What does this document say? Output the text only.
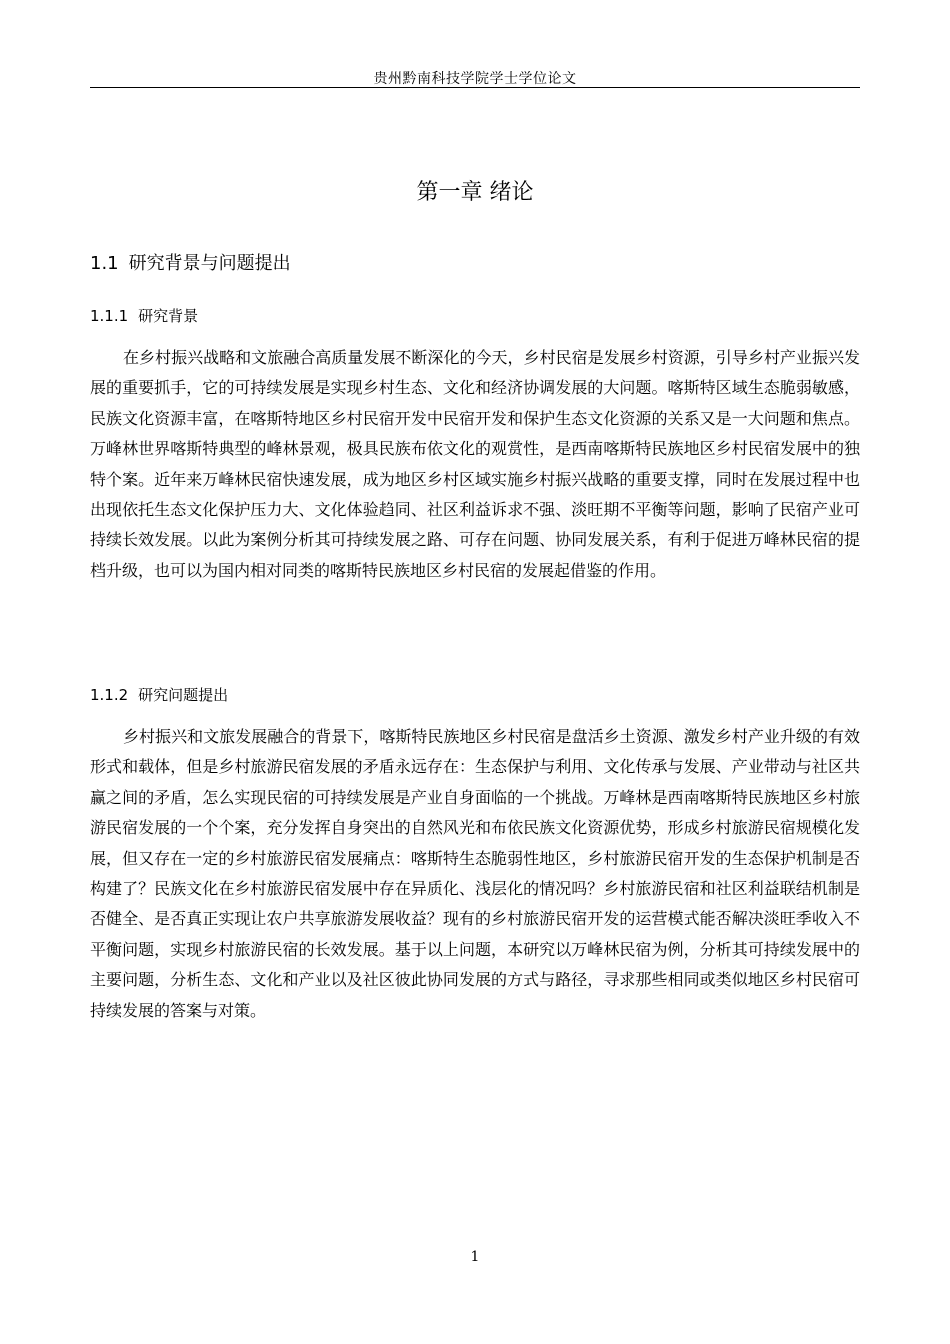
贵州黔南科技学院学士学位论文
第一章 绪论
1.1 研究背景与问题提出
1.1.1 研究背景

在乡村振兴战略和文旅融合高质量发展不断深化的今天，乡村民宿是发展乡村资源，引导乡村产业振兴发展的重要抓手，它的可持续发展是实现乡村生态、文化和经济协调发展的大问题。喀斯特区域生态脆弱敏感，民族文化资源丰富，在喀斯特地区乡村民宿开发中民宿开发和保护生态文化资源的关系又是一大问题和焦点。万峰林世界喀斯特典型的峰林景观，极具民族布依文化的观赏性，是西南喀斯特民族地区乡村民宿发展中的独特个案。近年来万峰林民宿快速发展，成为地区乡村区域实施乡村振兴战略的重要支撑，同时在发展过程中也出现依托生态文化保护压力大、文化体验趋同、社区利益诉求不强、淡旺期不平衡等问题，影响了民宿产业可持续长效发展。以此为案例分析其可持续发展之路、可存在问题、协同发展关系，有利于促进万峰林民宿的提档升级，也可以为国内相对同类的喀斯特民族地区乡村民宿的发展起借鉴的作用。

1.1.2 研究问题提出

乡村振兴和文旅发展融合的背景下，喀斯特民族地区乡村民宿是盘活乡土资源、激发乡村产业升级的有效形式和载体，但是乡村旅游民宿发展的矛盾永远存在：生态保护与利用、文化传承与发展、产业带动与社区共赢之间的矛盾，怎么实现民宿的可持续发展是产业自身面临的一个挑战。万峰林是西南喀斯特民族地区乡村旅游民宿发展的一个个案，充分发挥自身突出的自然风光和布依民族文化资源优势，形成乡村旅游民宿规模化发展，但又存在一定的乡村旅游民宿发展痛点：喀斯特生态脆弱性地区，乡村旅游民宿开发的生态保护机制是否构建了？民族文化在乡村旅游民宿发展中存在异质化、浅层化的情况吗？乡村旅游民宿和社区利益联结机制是否健全、是否真正实现让农户共享旅游发展收益？现有的乡村旅游民宿开发的运营模式能否解决淡旺季收入不平衡问题，实现乡村旅游民宿的长效发展。基于以上问题，本研究以万峰林民宿为例，分析其可持续发展中的主要问题，分析生态、文化和产业以及社区彼此协同发展的方式与路径，寻求那些相同或类似地区乡村民宿可持续发展的答案与对策。

1
